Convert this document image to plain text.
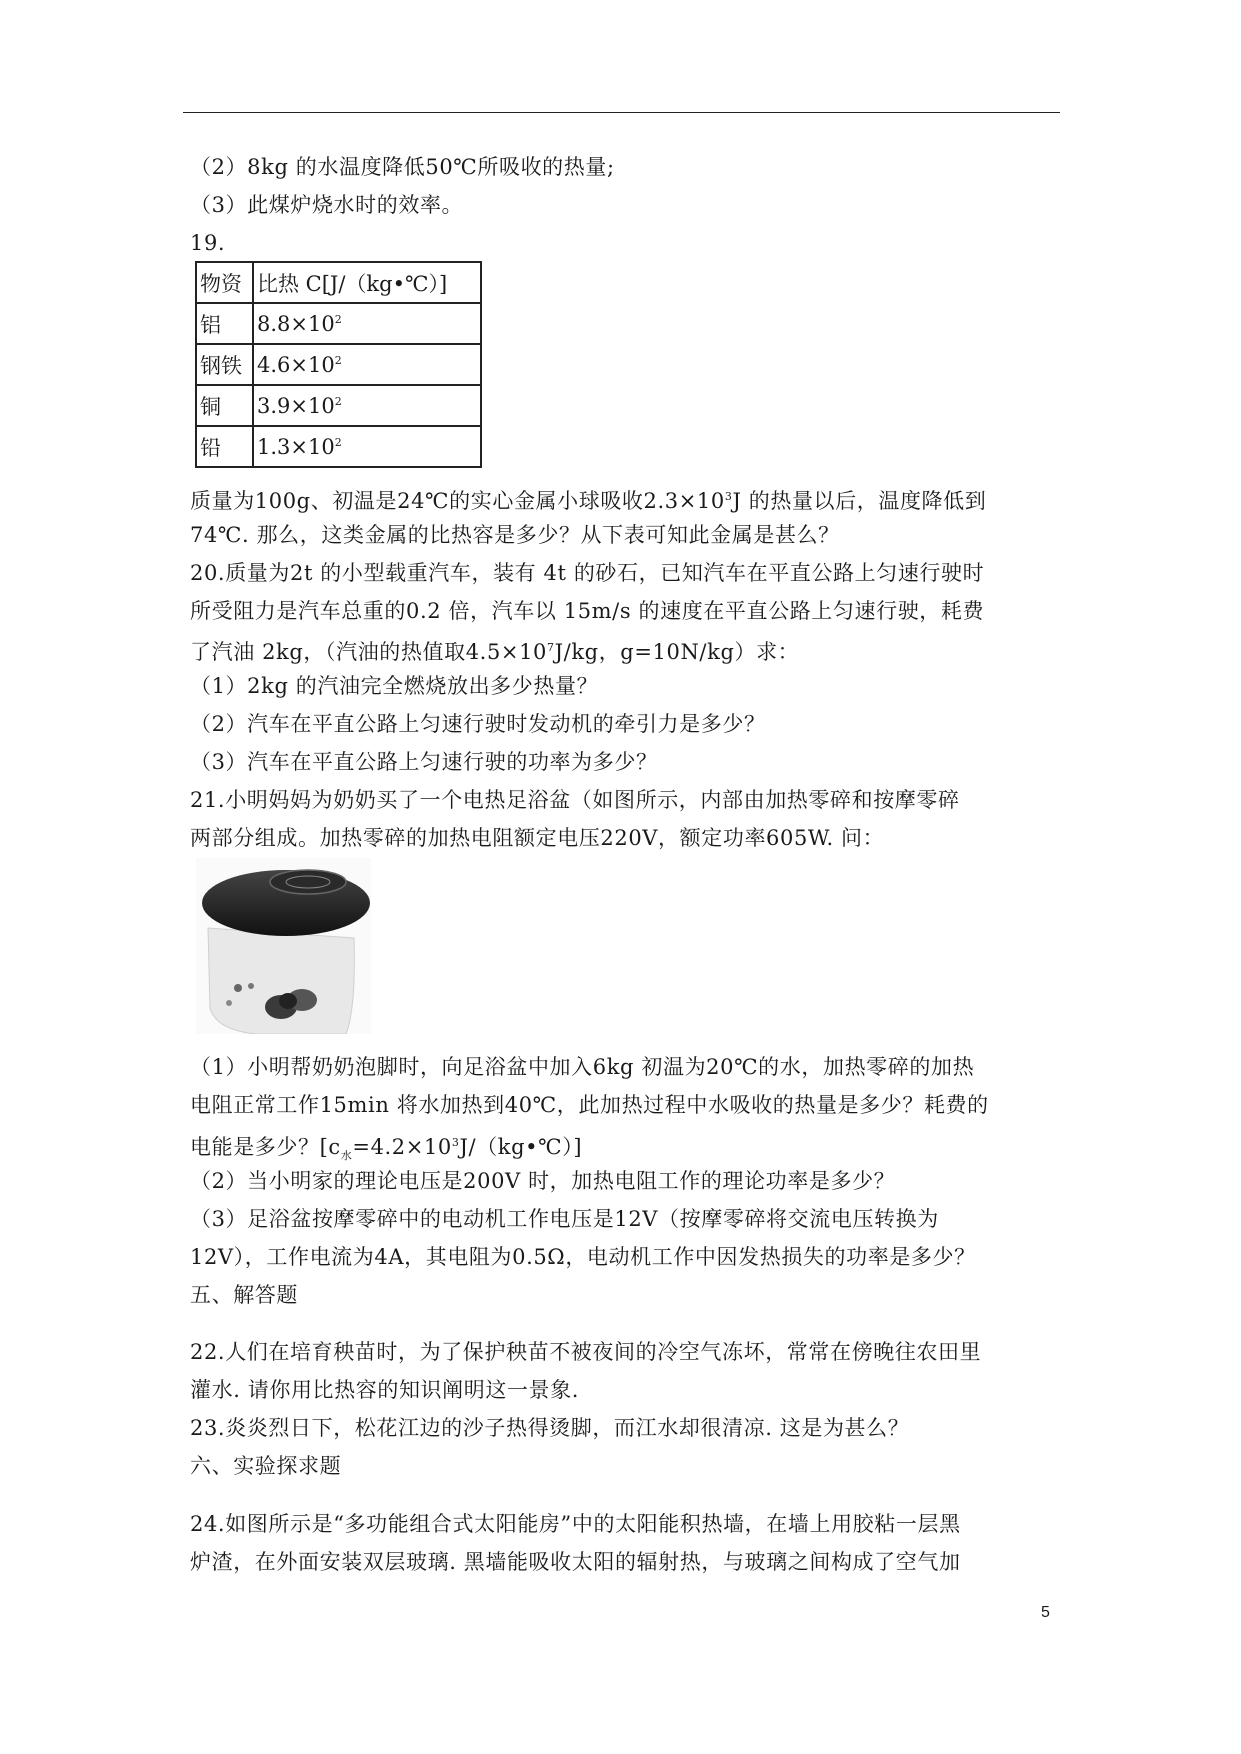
（2）8kg 的水温度降低50℃所吸收的热量;
（3）此煤炉烧水时的效率。
19.
物资	比热 C[J/（kg•℃）]
铝	$8.8\times 10^2$
钢铁	$4.6\times 10^2$
铜	$3.9\times 10^2$
铅	$1.3\times 10^2$
质量为100g、初温是24℃的实心金属小球吸收$2.3\times 10^3J$ 的热量以后，温度降低到
74℃. 那么，这类金属的比热容是多少？从下表可知此金属是甚么？
20.质量为2t 的小型载重汽车，装有 4t 的砂石，已知汽车在平直公路上匀速行驶时
所受阻力是汽车总重的0.2 倍，汽车以 15m/s 的速度在平直公路上匀速行驶，耗费
了汽油 2kg，（汽油的热值取$4.5\times 10^7J/kg$，g=10N/kg）求：
（1）2kg 的汽油完全燃烧放出多少热量？
（2）汽车在平直公路上匀速行驶时发动机的牵引力是多少？
（3）汽车在平直公路上匀速行驶的功率为多少？
21.小明妈妈为奶奶买了一个电热足浴盆（如图所示，内部由加热零碎和按摩零碎
两部分组成。加热零碎的加热电阻额定电压220V，额定功率605W. 问：
（1）小明帮奶奶泡脚时，向足浴盆中加入6kg 初温为20℃的水，加热零碎的加热
电阻正常工作15min 将水加热到40℃，此加热过程中水吸收的热量是多少？耗费的
电能是多少？$[c_水=4.2\times 10^3J/(kg•℃)]$
（2）当小明家的理论电压是200V 时，加热电阻工作的理论功率是多少？
（3）足浴盆按摩零碎中的电动机工作电压是12V（按摩零碎将交流电压转换为
12V），工作电流为4A，其电阻为0.5Ω，电动机工作中因发热损失的功率是多少？
五、解答题
22.人们在培育秧苗时，为了保护秧苗不被夜间的冷空气冻坏，常常在傍晚往农田里
灌水. 请你用比热容的知识阐明这一景象.
23.炎炎烈日下，松花江边的沙子热得烫脚，而江水却很清凉. 这是为甚么？
六、实验探求题
24.如图所示是“多功能组合式太阳能房”中的太阳能积热墙，在墙上用胶粘一层黑
炉渣，在外面安装双层玻璃. 黑墙能吸收太阳的辐射热，与玻璃之间构成了空气加
5
